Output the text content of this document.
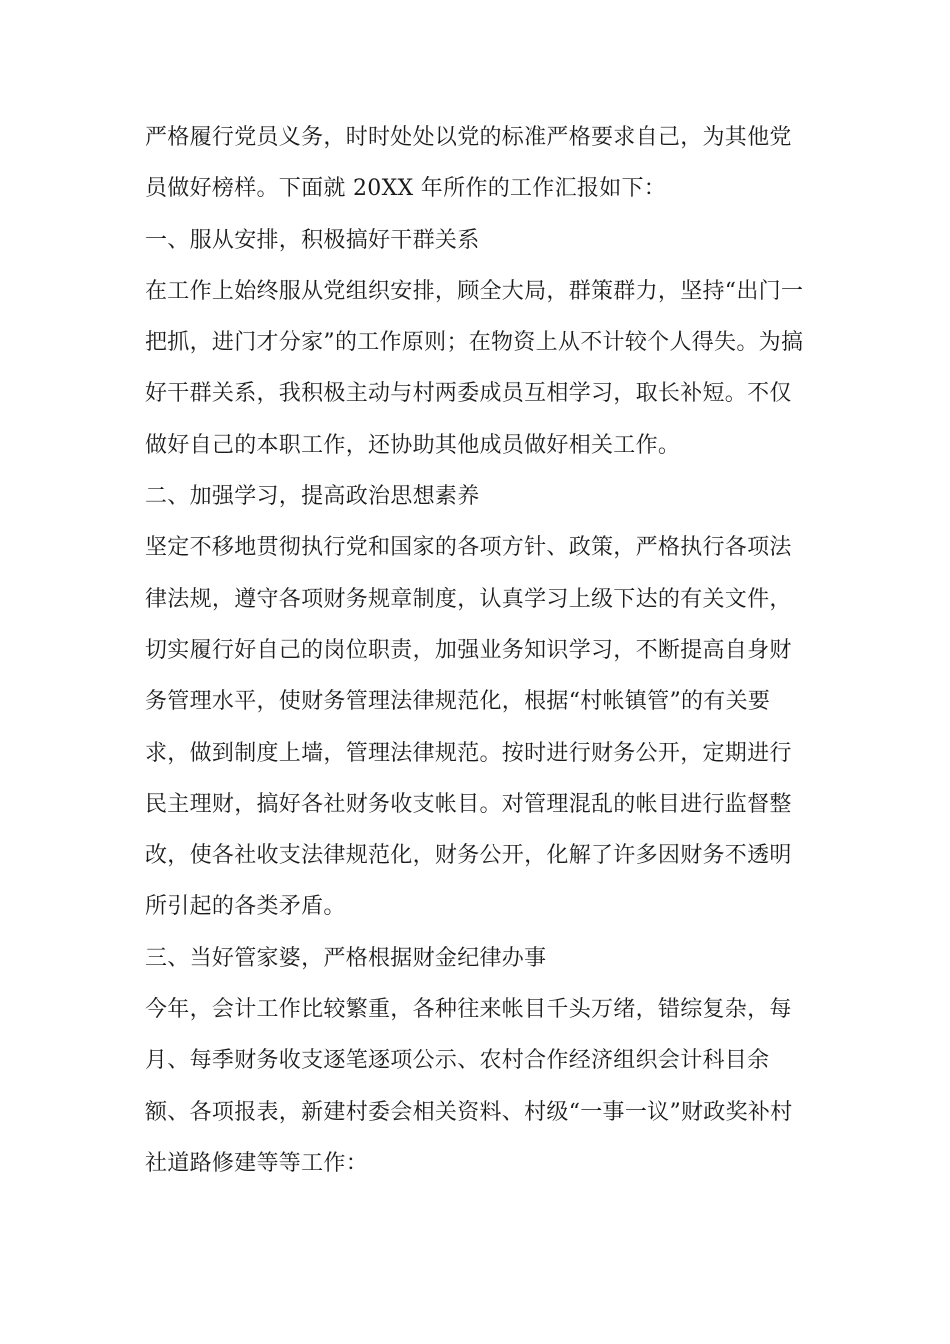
严格履行党员义务，时时处处以党的标准严格要求自己，为其他党
员做好榜样。下面就 20XX 年所作的工作汇报如下：
一、服从安排，积极搞好干群关系
在工作上始终服从党组织安排，顾全大局，群策群力，坚持“出门一
把抓，进门才分家”的工作原则；在物资上从不计较个人得失。为搞
好干群关系，我积极主动与村两委成员互相学习，取长补短。不仅
做好自己的本职工作，还协助其他成员做好相关工作。
二、加强学习，提高政治思想素养
坚定不移地贯彻执行党和国家的各项方针、政策，严格执行各项法
律法规，遵守各项财务规章制度，认真学习上级下达的有关文件，
切实履行好自己的岗位职责，加强业务知识学习，不断提高自身财
务管理水平，使财务管理法律规范化，根据“村帐镇管”的有关要
求，做到制度上墙，管理法律规范。按时进行财务公开，定期进行
民主理财，搞好各社财务收支帐目。对管理混乱的帐目进行监督整
改，使各社收支法律规范化，财务公开，化解了许多因财务不透明
所引起的各类矛盾。
三、当好管家婆，严格根据财金纪律办事
今年，会计工作比较繁重，各种往来帐目千头万绪，错综复杂，每
月、每季财务收支逐笔逐项公示、农村合作经济组织会计科目余
额、各项报表，新建村委会相关资料、村级“一事一议”财政奖补村
社道路修建等等工作：
